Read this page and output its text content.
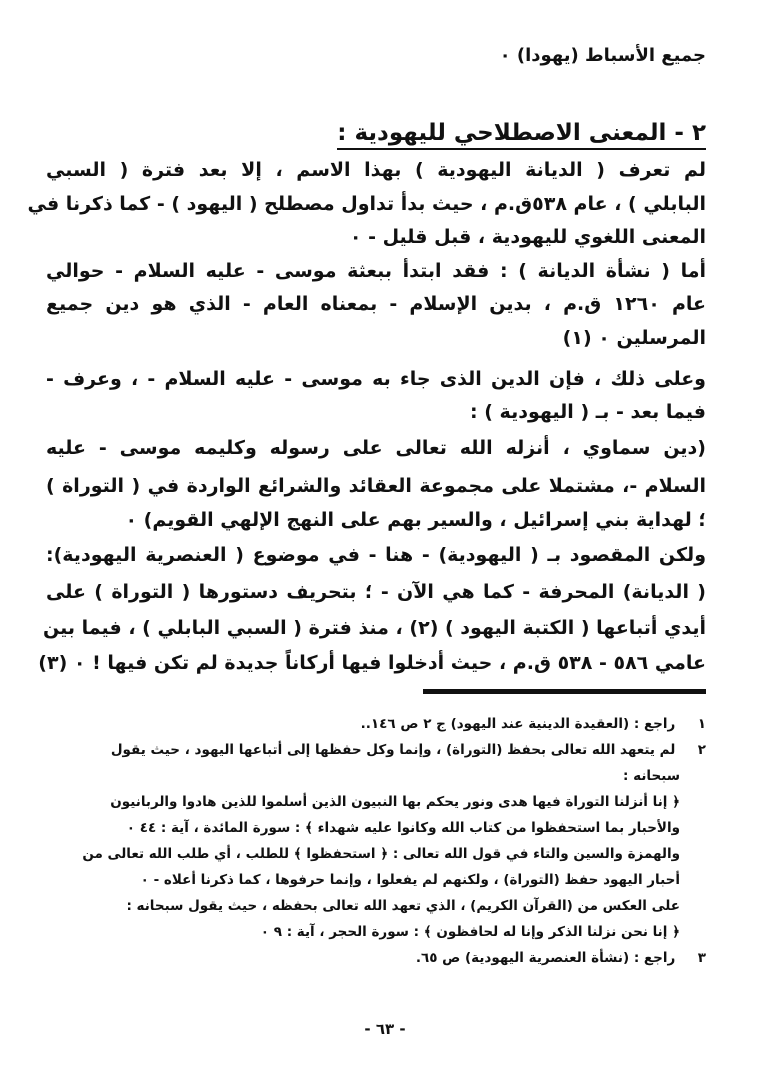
جميع الأسباط (يهودا) ٠
٢ - المعنى الاصطلاحي لليهودية :
لم تعرف ( الديانة اليهودية ) بهذا الاسم ، إلا بعد فترة ( السبي
البابلي ) ، عام ٥٣٨ق.م ، حيث بدأ تداول مصطلح ( اليهود ) - كما ذكرنا في
المعنى اللغوي لليهودية ، قبل قليل - ٠
أما ( نشأة الديانة ) : فقد ابتدأ ببعثة موسى - عليه السلام - حوالي
عام ١٢٦٠ ق.م ، بدين الإسلام - بمعناه العام - الذي هو دين جميع
المرسلين ٠ (١)
وعلى ذلك ، فإن الدين الذى جاء به موسى - عليه السلام - ، وعرف -
فيما بعد - بـ ( اليهودية ) :
(دين سماوي ، أنزله الله تعالى على رسوله وكليمه موسى - عليه
السلام -، مشتملا على مجموعة العقائد والشرائع الواردة في ( التوراة )
؛ لهداية بني إسرائيل ، والسير بهم على النهج الإلهي القويم) ٠
ولكن المقصود بـ ( اليهودية) - هنا - في موضوع ( العنصرية اليهودية):
( الديانة) المحرفة - كما هي الآن - ؛ بتحريف دستورها ( التوراة ) على
أيدي أتباعها ( الكتبة اليهود ) (٢) ، منذ فترة ( السبي البابلي ) ، فيما بين
عامي ٥٨٦ - ٥٣٨ ق.م ، حيث أدخلوا فيها أركاناً جديدة لم تكن فيها ! ٠ (٣)
١ راجع : (العقيدة الدينية عند اليهود) ج ٢ ص ١٤٦..
٢ لم يتعهد الله تعالى بحفظ (التوراة) ، وإنما وكل حفظها إلى أتباعها اليهود ، حيث يقول
سبحانه :
﴿ إنا أنزلنا التوراة فيها هدى ونور يحكم بها النبيون الذين أسلموا للذين هادوا والربانيون
والأحبار بما استحفظوا من كتاب الله وكانوا عليه شهداء ﴾ : سورة المائدة ، آية : ٤٤ ٠
والهمزة والسين والتاء في قول الله تعالى : ﴿ استحفظوا ﴾ للطلب ، أي طلب الله تعالى من
أحبار اليهود حفظ (التوراة) ، ولكنهم لم يفعلوا ، وإنما حرفوها ، كما ذكرنا أعلاه - ٠
على العكس من (القرآن الكريم) ، الذي تعهد الله تعالى بحفظه ، حيث يقول سبحانه :
﴿ إنا نحن نزلنا الذكر وإنا له لحافظون ﴾ : سورة الحجر ، آية : ٩ ٠
٣ راجع : (نشأة العنصرية اليهودية) ص ٦٥.
- ٦٣ -
